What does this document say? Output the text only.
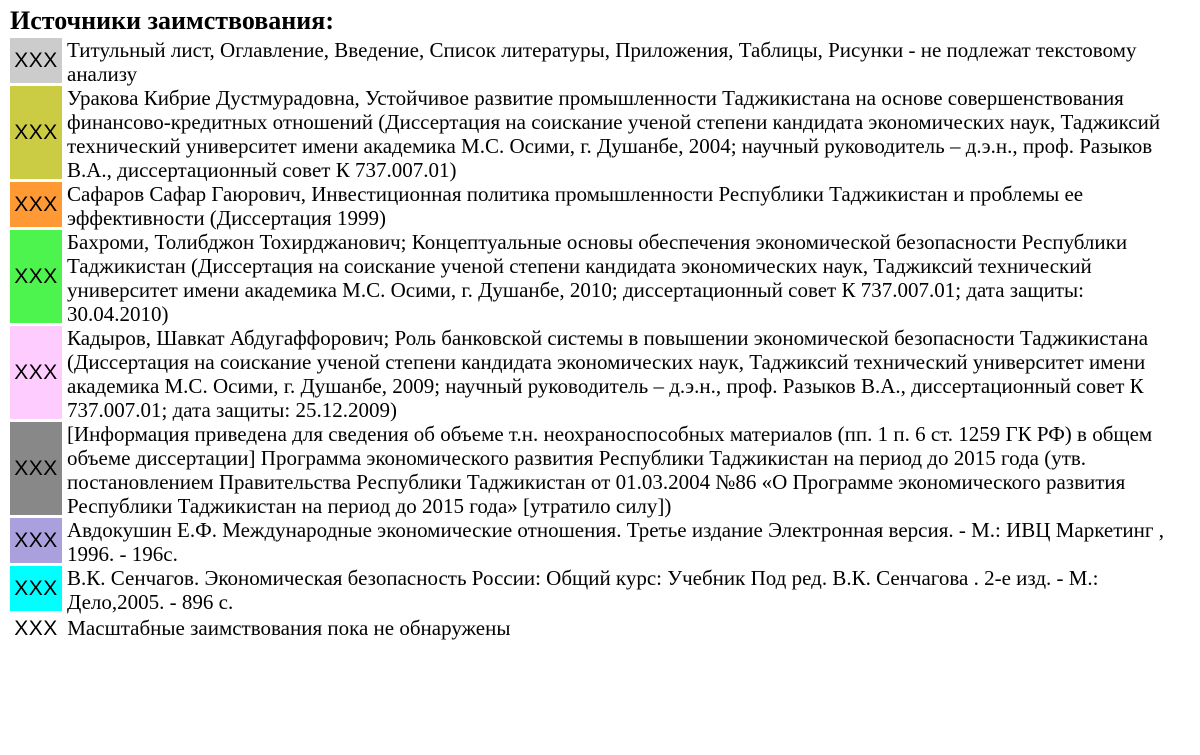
Источники заимствования:
XXX	Титульный лист, Оглавление, Введение, Список литературы, Приложения, Таблицы, Рисунки - не подлежат текстовому анализу

XXX	Уракова Кибрие Дустмурадовна, Устойчивое развитие промышленности Таджикистана на основе совершенствования финансово-кредитных отношений (Диссертация на соискание ученой степени кандидата экономических наук, Таджиксий технический университет имени академика М.С. Осими, г. Душанбе, 2004; научный руководитель – д.э.н., проф. Разыков В.А., диссертационный совет К 737.007.01)

XXX	Сафаров Сафар Гаюрович, Инвестиционная политика промышленности Республики Таджикистан и проблемы ее эффективности (Диссертация 1999)

XXX	Бахроми, Толибджон Тохирджанович; Концептуальные основы обеспечения экономической безопасности Республики Таджикистан (Диссертация на соискание ученой степени кандидата экономических наук, Таджиксий технический университет имени академика М.С. Осими, г. Душанбе, 2010; диссертационный совет К 737.007.01; дата защиты: 30.04.2010)

XXX	Кадыров, Шавкат Абдугаффорович; Роль банковской системы в повышении экономической безопасности Таджикистана (Диссертация на соискание ученой степени кандидата экономических наук, Таджиксий технический университет имени академика М.С. Осими, г. Душанбе, 2009; научный руководитель – д.э.н., проф. Разыков В.А., диссертационный совет К 737.007.01; дата защиты: 25.12.2009)

XXX	[Информация приведена для сведения об объеме т.н. неохраноспособных материалов (пп. 1 п. 6 ст. 1259 ГК РФ) в общем объеме диссертации] Программа экономического развития Республики Таджикистан на период до 2015 года (утв. постановлением Правительства Республики Таджикистан от 01.03.2004 №86 «О Программе экономического развития Республики Таджикистан на период до 2015 года» [утратило силу])

XXX	Авдокушин Е.Ф. Международные экономические отношения. Третье издание Электронная версия. - М.: ИВЦ Маркетинг , 1996. - 196с.

XXX	В.К. Сенчагов. Экономическая безопасность России: Общий курс: Учебник Под ред. В.К. Сенчагова . 2-е изд. - М.: Дело,2005. - 896 с.
XXX Масштабные заимствования пока не обнаружены
